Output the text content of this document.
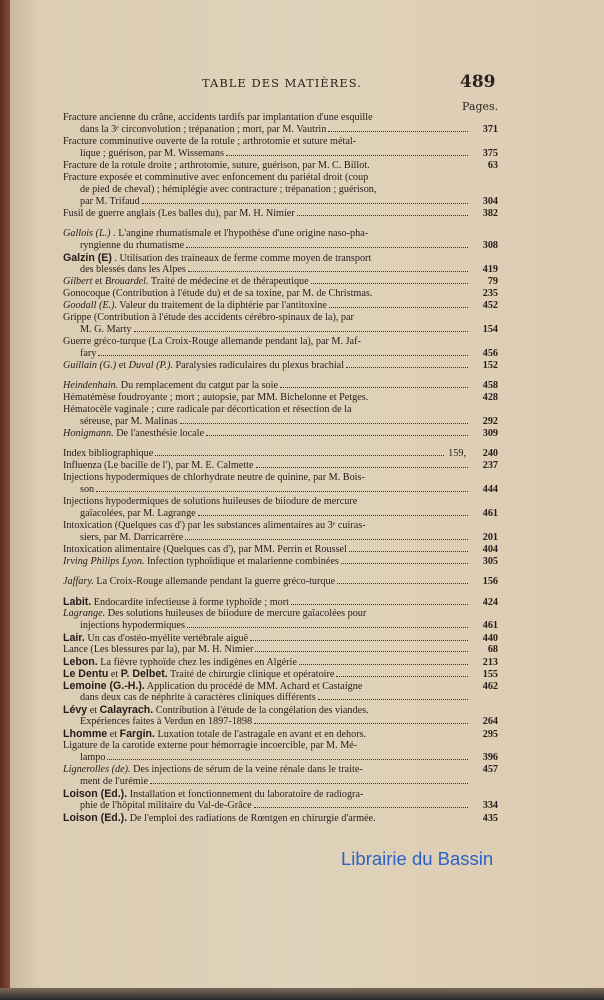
TABLE DES MATIÈRES.	489
Pages.
Fracture ancienne du crâne, accidents tardifs par implantation d'une esquille
dans la 3ᵉ circonvolution ; trépanation ; mort, par M. Vautrin	371
Fracture comminutive ouverte de la rotule ; arthrotomie et suture métal-
lique ; guérison, par M. Wissemans	375
Fracture de la rotule droite ; arthrotomie, suture, guérison, par M. C. Billot.	63
Fracture exposée et comminutive avec enfoncement du pariétal droit (coup
de pied de cheval) ; hémiplégie avec contracture ; trépanation ; guérison,
par M. Trifaud	304
Fusil de guerre anglais (Les balles du), par M. H. Nimier	382
Gallois (L.) . L'angine rhumatismale et l'hypothèse d'une origine naso-pha-
ryngienne du rhumatisme	308
Galzin (E) . Utilisation des traineaux de ferme comme moyen de transport
des blessés dans les Alpes	419
Gilbert et Brouardel. Traité de médecine et de thérapeutique	79
Gonocoque (Contribution à l'étude du) et de sa toxine, par M. de Christmas.	235
Goodall (E.). Valeur du traitement de la diphtérie par l'antitoxine	452
Grippe (Contribution à l'étude des accidents cérébro-spinaux de la), par
M. G. Marty	154
Guerre gréco-turque (La Croix-Rouge allemande pendant la), par M. Jaf-
fary	456
Guillain (G.) et Duval (P.). Paralysies radiculaires du plexus brachial	152
Heindenhain. Du remplacement du catgut par la soie	458
Hématémèse foudroyante ; mort ; autopsie, par MM. Bichelonne et Petges.	428
Hématocèle vaginale ; cure radicale par décortication et résection de la
séreuse, par M. Malinas	292
Honigmann. De l'anesthésie locale	309
Index bibliographique	159,	240
Influenza (Le bacille de l'), par M. E. Calmette	237
Injections hypodermiques de chlorhydrate neutre de quinine, par M. Bois-
son	444
Injections hypodermiques de solutions huileuses de biiodure de mercure
gaïacolées, par M. Lagrange	461
Intoxication (Quelques cas d') par les substances alimentaires au 3ᵉ cuiras-
siers, par M. Darricarrère	201
Intoxication alimentaire (Quelques cas d'), par MM. Perrin et Roussel	404
Irving Philips Lyon. Infection typhoïdique et malarienne combinées	305
Jaffary. La Croix-Rouge allemande pendant la guerre gréco-turque	156
Labit. Endocardite infectieuse à forme typhoïde ; mort	424
Lagrange. Des solutions huileuses de biiodure de mercure gaïacolées pour
injections hypodermiques	461
Lair. Un cas d'ostéo-myélite vertébrale aiguë	440
Lance (Les blessures par la), par M. H. Nimier	68
Lebon. La fièvre typhoïde chez les indigènes en Algérie	213
Le Dentu et P. Delbet. Traité de chirurgie clinique et opératoire	155
Lemoine (G.-H.). Application du procédé de MM. Achard et Castaigne	462
dans deux cas de néphrite à caractères cliniques différents
Lévy et Calayrach. Contribution à l'étude de la congélation des viandes.
Expériences faites à Verdun en 1897-1898	264
Lhomme et Fargin. Luxation totale de l'astragale en avant et en dehors.	295
Ligature de la carotide externe pour hémorragie incoercible, par M. Mé-
lampo	396
Lignerolles (de). Des injections de sérum de la veine rénale dans le traite-	457
ment de l'urémie
Loison (Ed.). Installation et fonctionnement du laboratoire de radiogra-
phie de l'hôpital militaire du Val-de-Grâce	334
Loison (Ed.). De l'emploi des radiations de Rœntgen en chirurgie d'armée.	435
Librairie du Bassin
